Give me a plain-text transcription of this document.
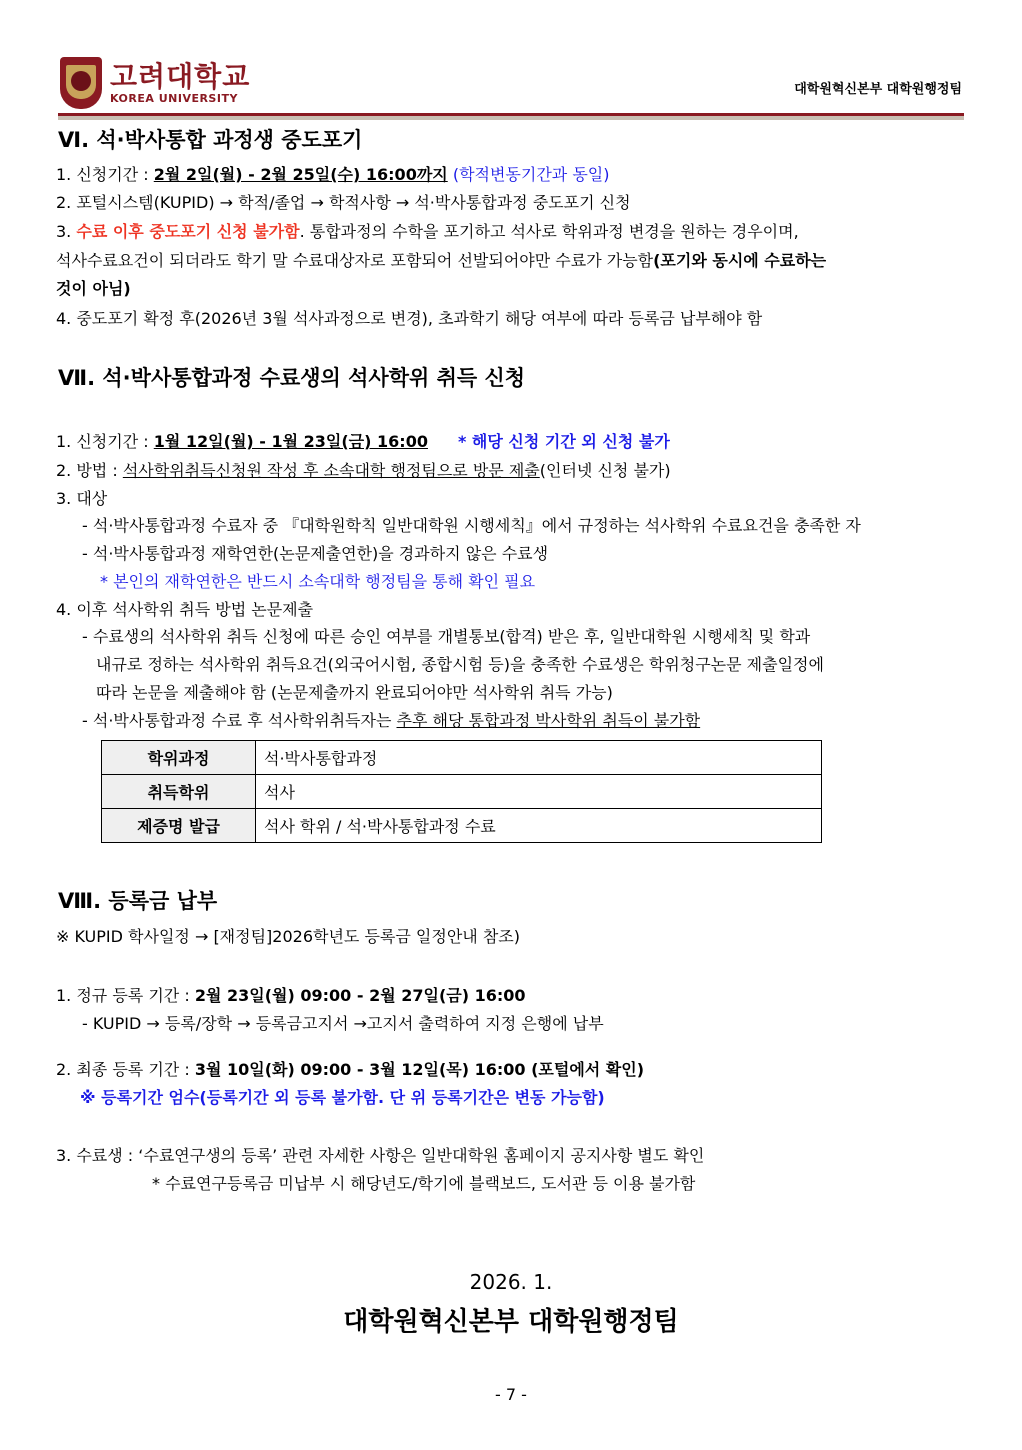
고려대학교
KOREA UNIVERSITY
대학원혁신본부 대학원행정팀
Ⅵ. 석·박사통합 과정생 중도포기
1. 신청기간 : 2월 2일(월) - 2월 25일(수) 16:00까지 (학적변동기간과 동일)
2. 포털시스템(KUPID) → 학적/졸업 → 학적사항 → 석·박사통합과정 중도포기 신청
3. 수료 이후 중도포기 신청 불가함. 통합과정의 수학을 포기하고 석사로 학위과정 변경을 원하는 경우이며,
석사수료요건이 되더라도 학기 말 수료대상자로 포함되어 선발되어야만 수료가 가능함(포기와 동시에 수료하는
것이 아님)
4. 중도포기 확정 후(2026년 3월 석사과정으로 변경), 초과학기 해당 여부에 따라 등록금 납부해야 함
Ⅶ. 석·박사통합과정 수료생의 석사학위 취득 신청
1. 신청기간 : 1월 12일(월) - 1월 23일(금) 16:00 * 해당 신청 기간 외 신청 불가
2. 방법 : 석사학위취득신청원 작성 후 소속대학 행정팀으로 방문 제출(인터넷 신청 불가)
3. 대상
- 석·박사통합과정 수료자 중 『대학원학칙 일반대학원 시행세칙』에서 규정하는 석사학위 수료요건을 충족한 자
- 석·박사통합과정 재학연한(논문제출연한)을 경과하지 않은 수료생
* 본인의 재학연한은 반드시 소속대학 행정팀을 통해 확인 필요
4. 이후 석사학위 취득 방법 논문제출
- 수료생의 석사학위 취득 신청에 따른 승인 여부를 개별통보(합격) 받은 후, 일반대학원 시행세칙 및 학과
내규로 정하는 석사학위 취득요건(외국어시험, 종합시험 등)을 충족한 수료생은 학위청구논문 제출일정에
따라 논문을 제출해야 함 (논문제출까지 완료되어야만 석사학위 취득 가능)
- 석·박사통합과정 수료 후 석사학위취득자는 추후 해당 통합과정 박사학위 취득이 불가함
학위과정	석·박사통합과정
취득학위	석사
제증명 발급	석사 학위 / 석·박사통합과정 수료
Ⅷ. 등록금 납부
※ KUPID 학사일정 → [재정팀]2026학년도 등록금 일정안내 참조)
1. 정규 등록 기간 : 2월 23일(월) 09:00 - 2월 27일(금) 16:00
- KUPID → 등록/장학 → 등록금고지서 →고지서 출력하여 지정 은행에 납부
2. 최종 등록 기간 : 3월 10일(화) 09:00 - 3월 12일(목) 16:00 (포털에서 확인)
※ 등록기간 엄수(등록기간 외 등록 불가함. 단 위 등록기간은 변동 가능함)
3. 수료생 : ‘수료연구생의 등록’ 관련 자세한 사항은 일반대학원 홈페이지 공지사항 별도 확인
* 수료연구등록금 미납부 시 해당년도/학기에 블랙보드, 도서관 등 이용 불가함
2026. 1.
대학원혁신본부 대학원행정팀
- 7 -
